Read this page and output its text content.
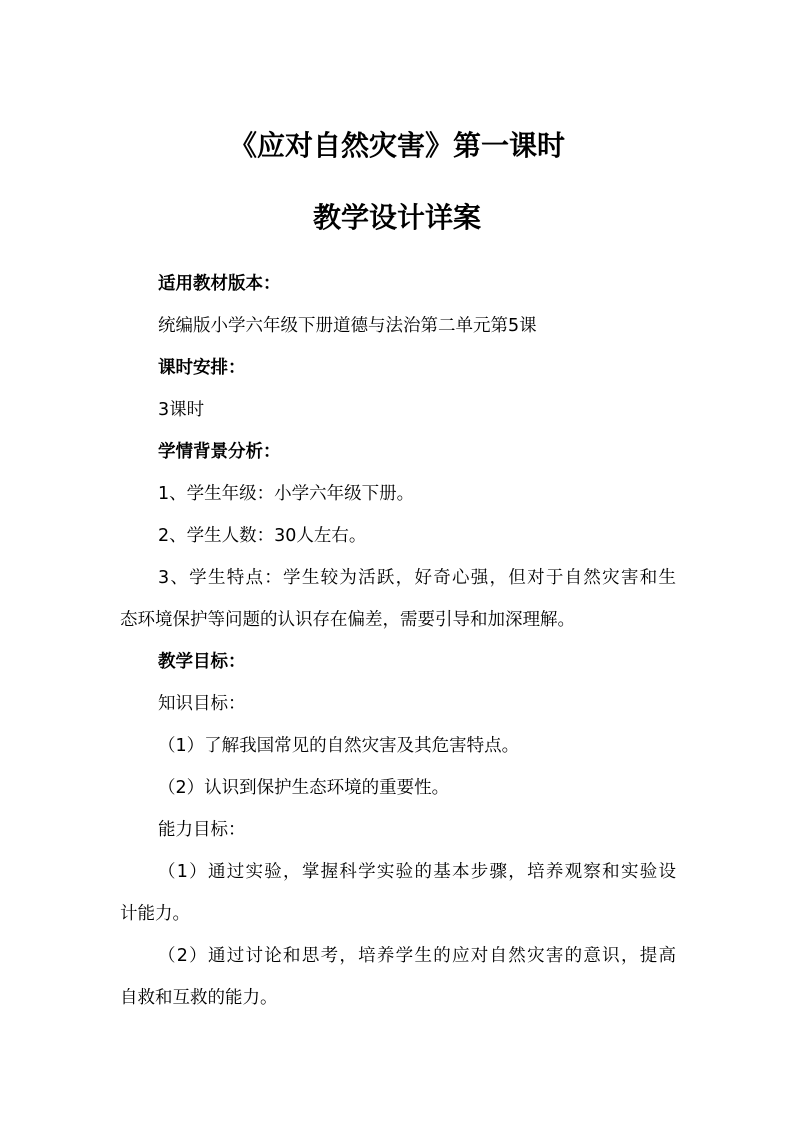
《应对自然灾害》第一课时
教学设计详案

适用教材版本：

统编版小学六年级下册道德与法治第二单元第5课

课时安排：

3课时

学情背景分析：

1、学生年级：小学六年级下册。

2、学生人数：30人左右。

3、学生特点：学生较为活跃，好奇心强，但对于自然灾害和生

态环境保护等问题的认识存在偏差，需要引导和加深理解。

教学目标：

知识目标：

（1）了解我国常见的自然灾害及其危害特点。

（2）认识到保护生态环境的重要性。

能力目标：

（1）通过实验，掌握科学实验的基本步骤，培养观察和实验设

计能力。

（2）通过讨论和思考，培养学生的应对自然灾害的意识，提高

自救和互救的能力。
